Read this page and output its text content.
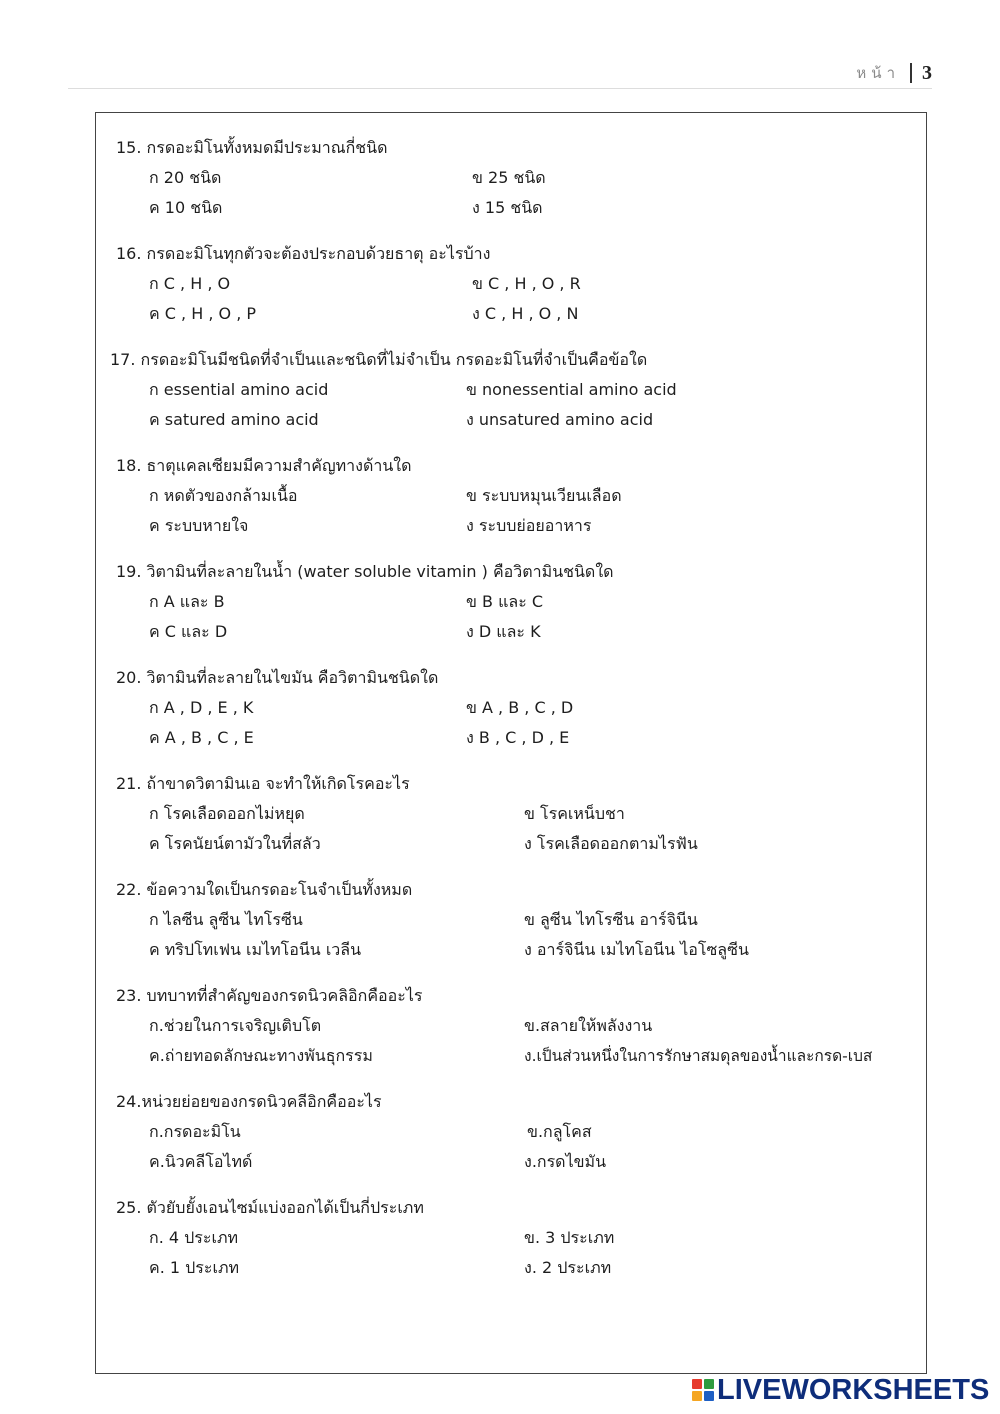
หน้า 3
15. กรดอะมิโนทั้งหมดมีประมาณกี่ชนิด
ก 20 ชนิด	ข 25 ชนิด
ค 10 ชนิด	ง 15 ชนิด
16. กรดอะมิโนทุกตัวจะต้องประกอบด้วยธาตุ อะไรบ้าง
ก C , H , O	ข C , H , O , R
ค C , H , O , P	ง C , H , O , N
17. กรดอะมิโนมีชนิดที่จำเป็นและชนิดที่ไม่จำเป็น กรดอะมิโนที่จำเป็นคือข้อใด
ก essential amino acid	ข nonessential amino acid
ค satured amino acid	ง unsatured amino acid
18. ธาตุแคลเซียมมีความสำคัญทางด้านใด
ก หดตัวของกล้ามเนื้อ	ข ระบบหมุนเวียนเลือด
ค ระบบหายใจ	ง ระบบย่อยอาหาร
19. วิตามินที่ละลายในน้ำ (water soluble vitamin ) คือวิตามินชนิดใด
ก A และ B	ข B และ C
ค C และ D	ง D และ K
20. วิตามินที่ละลายในไขมัน คือวิตามินชนิดใด
ก A , D , E , K	ข A , B , C , D
ค A , B , C , E	ง B , C , D , E
21. ถ้าขาดวิตามินเอ จะทำให้เกิดโรคอะไร
ก โรคเลือดออกไม่หยุด	ข โรคเหน็บชา
ค โรคนัยน์ตามัวในที่สลัว	ง โรคเลือดออกตามไรฟัน
22. ข้อความใดเป็นกรดอะโนจำเป็นทั้งหมด
ก ไลซีน ลูซีน ไทโรซีน	ข ลูซีน ไทโรซีน อาร์จินีน
ค ทริปโทเฟน เมไทโอนีน เวลีน	ง อาร์จินีน เมไทโอนีน ไอโซลูซีน
23. บทบาทที่สำคัญของกรดนิวคลิอิกคืออะไร
ก.ช่วยในการเจริญเติบโต	ข.สลายให้พลังงาน
ค.ถ่ายทอดลักษณะทางพันธุกรรม	ง.เป็นส่วนหนึ่งในการรักษาสมดุลของน้ำและกรด-เบส
24.หน่วยย่อยของกรดนิวคลีอิกคืออะไร
ก.กรดอะมิโน	ข.กลูโคส
ค.นิวคลีโอไทด์	ง.กรดไขมัน
25. ตัวยับยั้งเอนไซม์แบ่งออกได้เป็นกี่ประเภท
ก. 4 ประเภท	ข. 3 ประเภท
ค. 1 ประเภท	ง. 2 ประเภท
LIVEWORKSHEETS
